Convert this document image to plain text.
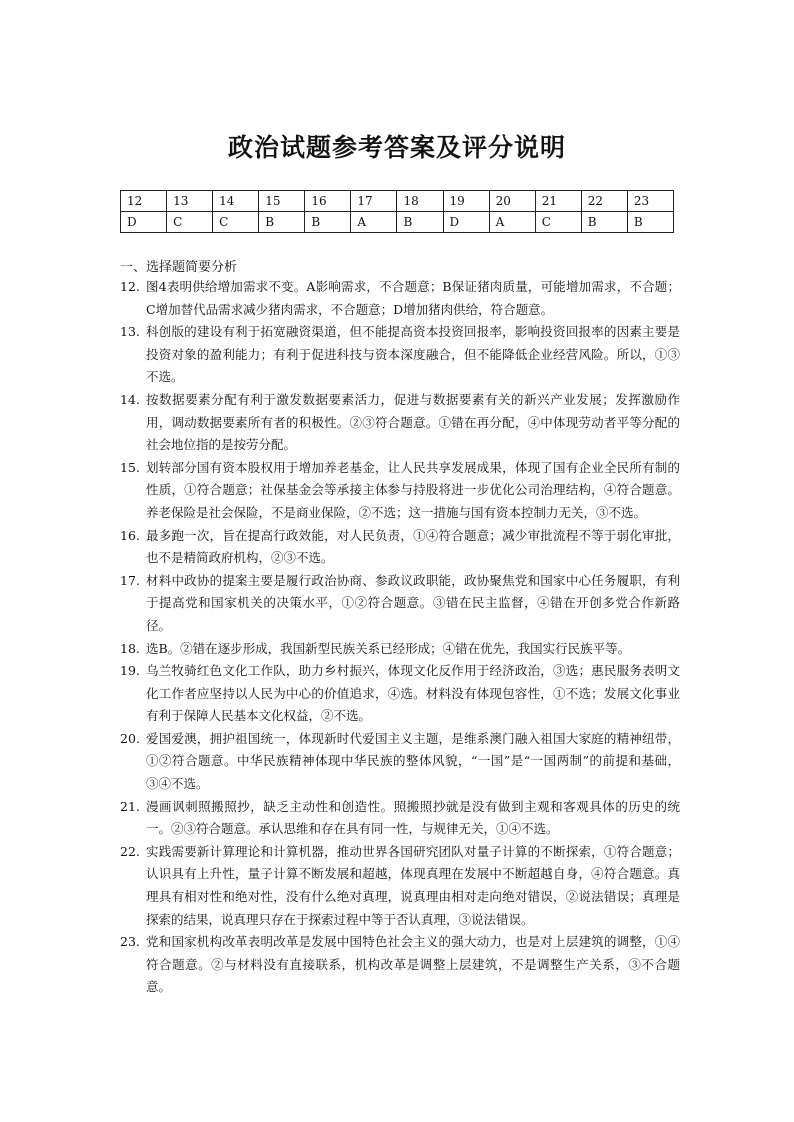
政治试题参考答案及评分说明
12	13	14	15	16	17	18	19	20	21	22	23
D	C	C	B	B	A	B	D	A	C	B	B
一、选择题简要分析
12. 图4表明供给增加需求不变。A影响需求，不合题意；B保证猪肉质量，可能增加需求，不合题；C增加替代品需求减少猪肉需求，不合题意；D增加猪肉供给，符合题意。
13. 科创版的建设有利于拓宽融资渠道，但不能提高资本投资回报率，影响投资回报率的因素主要是投资对象的盈利能力；有利于促进科技与资本深度融合，但不能降低企业经营风险。所以，①③不选。
14. 按数据要素分配有利于激发数据要素活力，促进与数据要素有关的新兴产业发展；发挥激励作用，调动数据要素所有者的积极性。②③符合题意。①错在再分配，④中体现劳动者平等分配的社会地位指的是按劳分配。
15. 划转部分国有资本股权用于增加养老基金，让人民共享发展成果，体现了国有企业全民所有制的性质，①符合题意；社保基金会等承接主体参与持股将进一步优化公司治理结构，④符合题意。养老保险是社会保险，不是商业保险，②不选；这一措施与国有资本控制力无关，③不选。
16. 最多跑一次，旨在提高行政效能，对人民负责，①④符合题意；减少审批流程不等于弱化审批，也不是精简政府机构，②③不选。
17. 材料中政协的提案主要是履行政治协商、参政议政职能，政协聚焦党和国家中心任务履职，有利于提高党和国家机关的决策水平，①②符合题意。③错在民主监督，④错在开创多党合作新路径。
18. 选B。②错在逐步形成，我国新型民族关系已经形成；④错在优先，我国实行民族平等。
19. 乌兰牧骑红色文化工作队，助力乡村振兴，体现文化反作用于经济政治，③选；惠民服务表明文化工作者应坚持以人民为中心的价值追求，④选。材料没有体现包容性，①不选；发展文化事业有利于保障人民基本文化权益，②不选。
20. 爱国爱澳，拥护祖国统一，体现新时代爱国主义主题，是维系澳门融入祖国大家庭的精神纽带，①②符合题意。中华民族精神体现中华民族的整体风貌，“一国”是“一国两制”的前提和基础，③④不选。
21. 漫画讽刺照搬照抄，缺乏主动性和创造性。照搬照抄就是没有做到主观和客观具体的历史的统一。②③符合题意。承认思维和存在具有同一性，与规律无关，①④不选。
22. 实践需要新计算理论和计算机器，推动世界各国研究团队对量子计算的不断探索，①符合题意；认识具有上升性，量子计算不断发展和超越，体现真理在发展中不断超越自身，④符合题意。真理具有相对性和绝对性，没有什么绝对真理，说真理由相对走向绝对错误，②说法错误；真理是探索的结果，说真理只存在于探索过程中等于否认真理，③说法错误。
23. 党和国家机构改革表明改革是发展中国特色社会主义的强大动力，也是对上层建筑的调整，①④符合题意。②与材料没有直接联系，机构改革是调整上层建筑，不是调整生产关系，③不合题意。
